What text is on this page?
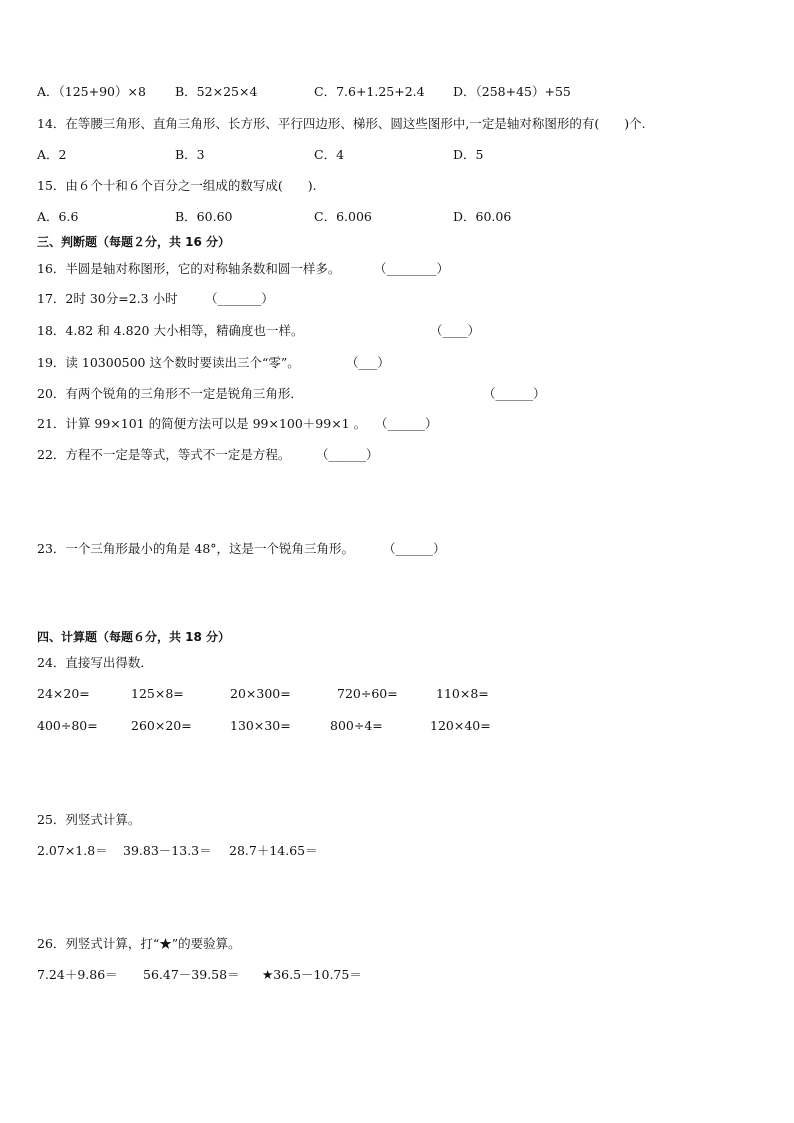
A．（125+90）×8 B．52×25×4	C．7.6+1.25+2.4 D．（258+45）+55
14．在等腰三角形、直角三角形、长方形、平行四边形、梯形、圆这些图形中,一定是轴对称图形的有(　　)个.
A．2	B．3	C．4	D．5
15．由６个十和６个百分之一组成的数写成(　　).
A．6.6	B．60.60	C．6.006	D．60.06
三、判断题（每题２分，共 16 分）
16．半圆是轴对称图形，它的对称轴条数和圆一样多。	（________）
17．2时 30分=2.3 小时 （_______）
18．4.82 和 4.820 大小相等，精确度也一样。	（____）
19．读 10300500 这个数时要读出三个“零”。	（___）
20．有两个锐角的三角形不一定是锐角三角形．	（______）
21．计算 99×101 的简便方法可以是 99×100＋99×1 。 （______）
22．方程不一定是等式，等式不一定是方程。 （______）
23．一个三角形最小的角是 48°，这是一个锐角三角形。 （______）
四、计算题（每题６分，共 18 分）
24．直接写出得数．
24×20=	125×8=	20×300=	720÷60=	110×8=
400÷80=	260×20=	130×30=	800÷4=	120×40=
25．列竖式计算。
2.07×1.8＝ 39.83－13.3＝ 28.7＋14.65＝
26．列竖式计算，打“★”的要验算。
7.24＋9.86＝ 56.47－39.58＝ ★36.5－10.75＝
